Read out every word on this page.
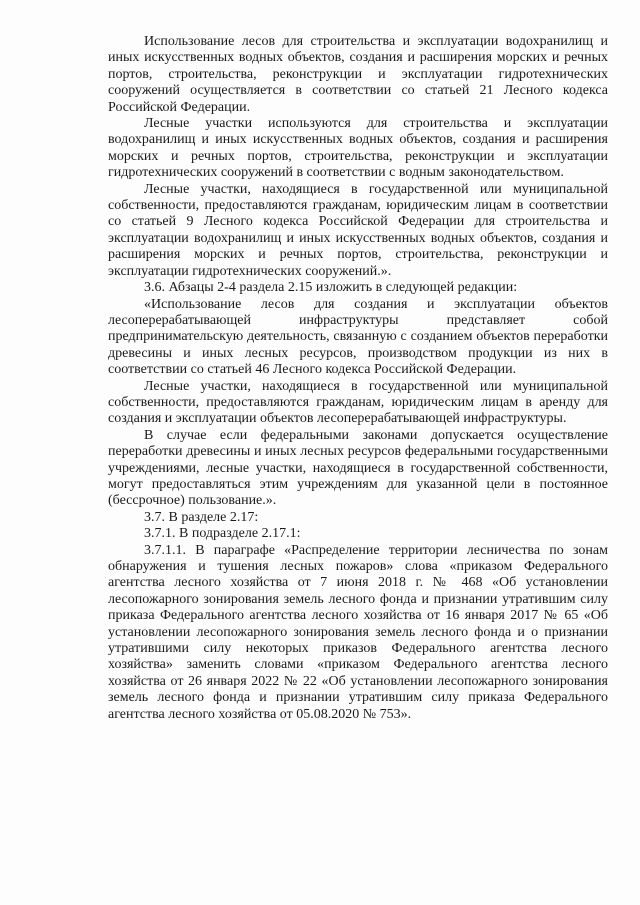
Использование лесов для строительства и эксплуатации водохранилищ и иных искусственных водных объектов, создания и расширения морских и речных портов, строительства, реконструкции и эксплуатации гидротехнических сооружений осуществляется в соответствии со статьей 21 Лесного кодекса Российской Федерации.

Лесные участки используются для строительства и эксплуатации водохранилищ и иных искусственных водных объектов, создания и расширения морских и речных портов, строительства, реконструкции и эксплуатации гидротехнических сооружений в соответствии с водным законодательством.

Лесные участки, находящиеся в государственной или муниципальной собственности, предоставляются гражданам, юридическим лицам в соответствии со статьей 9 Лесного кодекса Российской Федерации для строительства и эксплуатации водохранилищ и иных искусственных водных объектов, создания и расширения морских и речных портов, строительства, реконструкции и эксплуатации гидротехнических сооружений.».

3.6. Абзацы 2-4 раздела 2.15 изложить в следующей редакции:

«Использование лесов для создания и эксплуатации объектов лесоперерабатывающей инфраструктуры представляет собой предпринимательскую деятельность, связанную с созданием объектов переработки древесины и иных лесных ресурсов, производством продукции из них в соответствии со статьей 46 Лесного кодекса Российской Федерации.

Лесные участки, находящиеся в государственной или муниципальной собственности, предоставляются гражданам, юридическим лицам в аренду для создания и эксплуатации объектов лесоперерабатывающей инфраструктуры.

В случае если федеральными законами допускается осуществление переработки древесины и иных лесных ресурсов федеральными государственными учреждениями, лесные участки, находящиеся в государственной собственности, могут предоставляться этим учреждениям для указанной цели в постоянное (бессрочное) пользование.».

3.7. В разделе 2.17:

3.7.1. В подразделе 2.17.1:

3.7.1.1. В параграфе «Распределение территории лесничества по зонам обнаружения и тушения лесных пожаров» слова «приказом Федерального агентства лесного хозяйства от 7 июня 2018 г. № 468 «Об установлении лесопожарного зонирования земель лесного фонда и признании утратившим силу приказа Федерального агентства лесного хозяйства от 16 января 2017 № 65 «Об установлении лесопожарного зонирования земель лесного фонда и о признании утратившими силу некоторых приказов Федерального агентства лесного хозяйства» заменить словами «приказом Федерального агентства лесного хозяйства от 26 января 2022 № 22 «Об установлении лесопожарного зонирования земель лесного фонда и признании утратившим силу приказа Федерального агентства лесного хозяйства от 05.08.2020 № 753».
